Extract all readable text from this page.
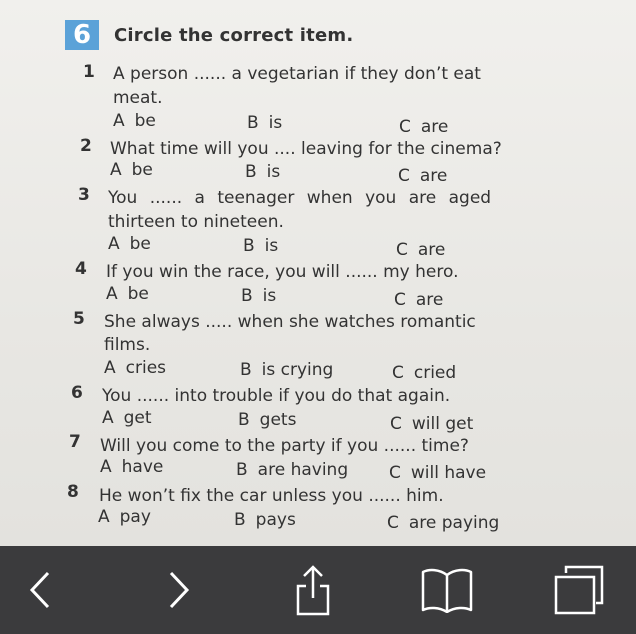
6	Circle the correct item.
1 A person ...... a vegetarian if they don’t eat
meat.
A be	B is	C are
2 What time will you .... leaving for the cinema?
A be	B is	C are
3 You ...... a teenager when you are aged
thirteen to nineteen.
A be	B is	C are
4 If you win the race, you will ...... my hero.
A be	B is	C are
5 She always ..... when she watches romantic
films.
A cries	B is crying	C cried
6 You ...... into trouble if you do that again.
A get	B gets	C will get
7 Will you come to the party if you ...... time?
A have	B are having C will have
8 He won’t fix the car unless you ...... him.
A pay	B pays	C are paying
